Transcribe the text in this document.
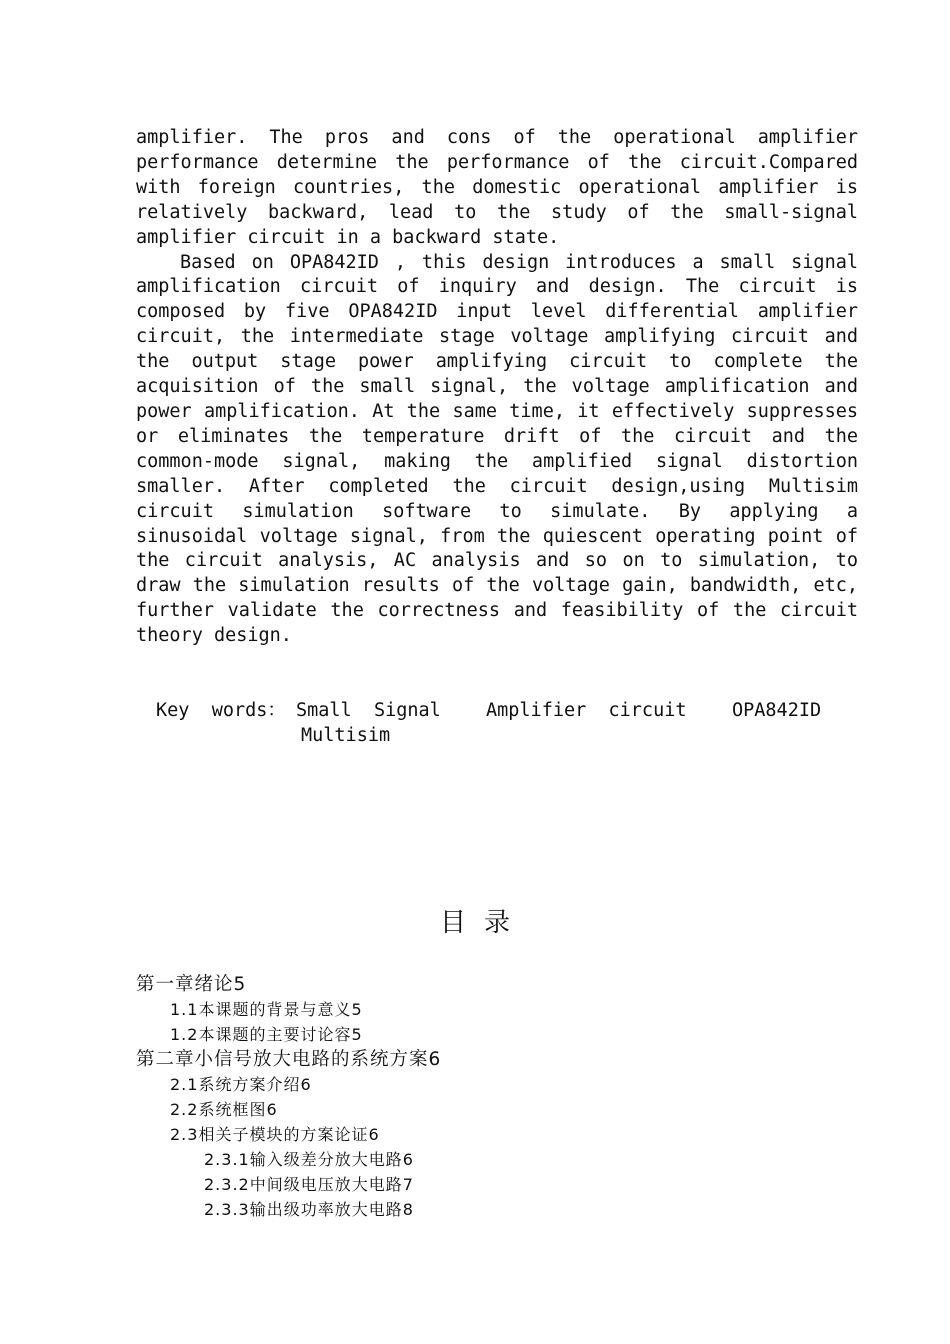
amplifier. The pros and cons of the operational amplifier performance determine the performance of the circuit.Compared with foreign countries, the domestic operational amplifier is relatively backward, lead to the study of the small-signal amplifier circuit in a backward state.

Based on OPA842ID , this design introduces a small signal amplification circuit of inquiry and design. The circuit is composed by five OPA842ID input level differential amplifier circuit, the intermediate stage voltage amplifying circuit and the output stage power amplifying circuit to complete the acquisition of the small signal, the voltage amplification and power amplification. At the same time, it effectively suppresses or eliminates the temperature drift of the circuit and the common-mode signal, making the amplified signal distortion smaller. After completed the circuit design,using Multisim circuit simulation software to simulate. By applying a sinusoidal voltage signal, from the quiescent operating point of the circuit analysis, AC analysis and so on to simulation, to draw the simulation results of the voltage gain, bandwidth, etc, further validate the correctness and feasibility of the circuit theory design.

Key  words： Small  Signal Amplifier  circuit OPA842ID
Multisim
目录
第一章绪论5
1.1本课题的背景与意义5
1.2本课题的主要讨论容5
第二章小信号放大电路的系统方案6
2.1系统方案介绍6
2.2系统框图6
2.3相关子模块的方案论证6
2.3.1输入级差分放大电路6
2.3.2中间级电压放大电路7
2.3.3输出级功率放大电路8
